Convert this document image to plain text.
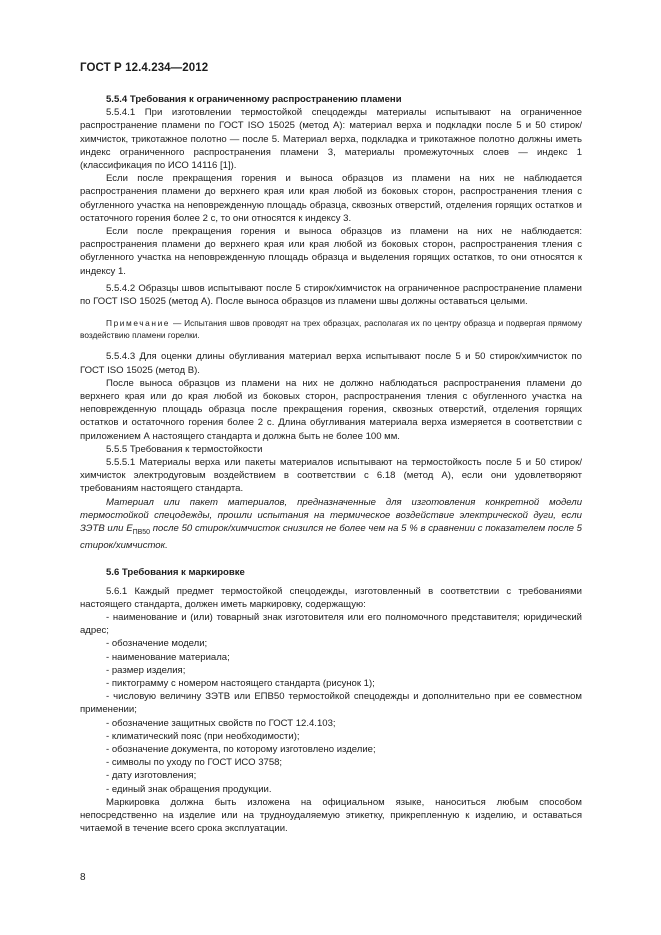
ГОСТ Р 12.4.234—2012

5.5.4 Требования к ограниченному распространению пламени

5.5.4.1 При изготовлении термостойкой спецодежды материалы испытывают на ограниченное распространение пламени по ГОСТ ISO 15025 (метод А): материал верха и подкладки после 5 и 50 стирок/химчисток, трикотажное полотно — после 5. Материал верха, подкладка и трикотажное полотно должны иметь индекс ограниченного распространения пламени 3, материалы промежуточных слоев — индекс 1 (классификация по ИСО 14116 [1]).

Если после прекращения горения и выноса образцов из пламени на них не наблюдается распространения пламени до верхнего края или края любой из боковых сторон, распространения тления с обугленного участка на неповрежденную площадь образца, сквозных отверстий, отделения горящих остатков и остаточного горения более 2 с, то они относятся к индексу 3.

Если после прекращения горения и выноса образцов из пламени на них не наблюдается: распространения пламени до верхнего края или края любой из боковых сторон, распространения тления с обугленного участка на неповрежденную площадь образца и выделения горящих остатков, то они относятся к индексу 1.

5.5.4.2 Образцы швов испытывают после 5 стирок/химчисток на ограниченное распространение пламени по ГОСТ ISO 15025 (метод А). После выноса образцов из пламени швы должны оставаться целыми.

Примечание — Испытания швов проводят на трех образцах, располагая их по центру образца и подвергая прямому воздействию пламени горелки.

5.5.4.3 Для оценки длины обугливания материал верха испытывают после 5 и 50 стирок/химчисток по ГОСТ ISO 15025 (метод В).

После выноса образцов из пламени на них не должно наблюдаться распространения пламени до верхнего края или до края любой из боковых сторон, распространения тления с обугленного участка на неповрежденную площадь образца после прекращения горения, сквозных отверстий, отделения горящих остатков и остаточного горения более 2 с. Длина обугливания материала верха измеряется в соответствии с приложением А настоящего стандарта и должна быть не более 100 мм.

5.5.5 Требования к термостойкости

5.5.5.1 Материалы верха или пакеты материалов испытывают на термостойкость после 5 и 50 стирок/химчисток электродуговым воздействием в соответствии с 6.18 (метод А), если они удовлетворяют требованиям настоящего стандарта.

Материал или пакет материалов, предназначенные для изготовления конкретной модели термостойкой спецодежды, прошли испытания на термическое воздействие электрической дуги, если ЗЭТВ или $E_{ПВ50}$ после 50 стирок/химчисток снизился не более чем на 5 % в сравнении с показателем после 5 стирок/химчисток.

5.6 Требования к маркировке

5.6.1 Каждый предмет термостойкой спецодежды, изготовленный в соответствии с требованиями настоящего стандарта, должен иметь маркировку, содержащую:

- наименование и (или) товарный знак изготовителя или его полномочного представителя; юридический адрес;

- обозначение модели;

- наименование материала;

- размер изделия;

- пиктограмму с номером настоящего стандарта (рисунок 1);

- числовую величину ЗЭТВ или ЕПВ50 термостойкой спецодежды и дополнительно при ее совместном применении;

- обозначение защитных свойств по ГОСТ 12.4.103;

- климатический пояс (при необходимости);

- обозначение документа, по которому изготовлено изделие;

- символы по уходу по ГОСТ ИСО 3758;

- дату изготовления;

- единый знак обращения продукции.

Маркировка должна быть изложена на официальном языке, наноситься любым способом непосредственно на изделие или на трудноудаляемую этикетку, прикрепленную к изделию, и оставаться читаемой в течение всего срока эксплуатации.

8
